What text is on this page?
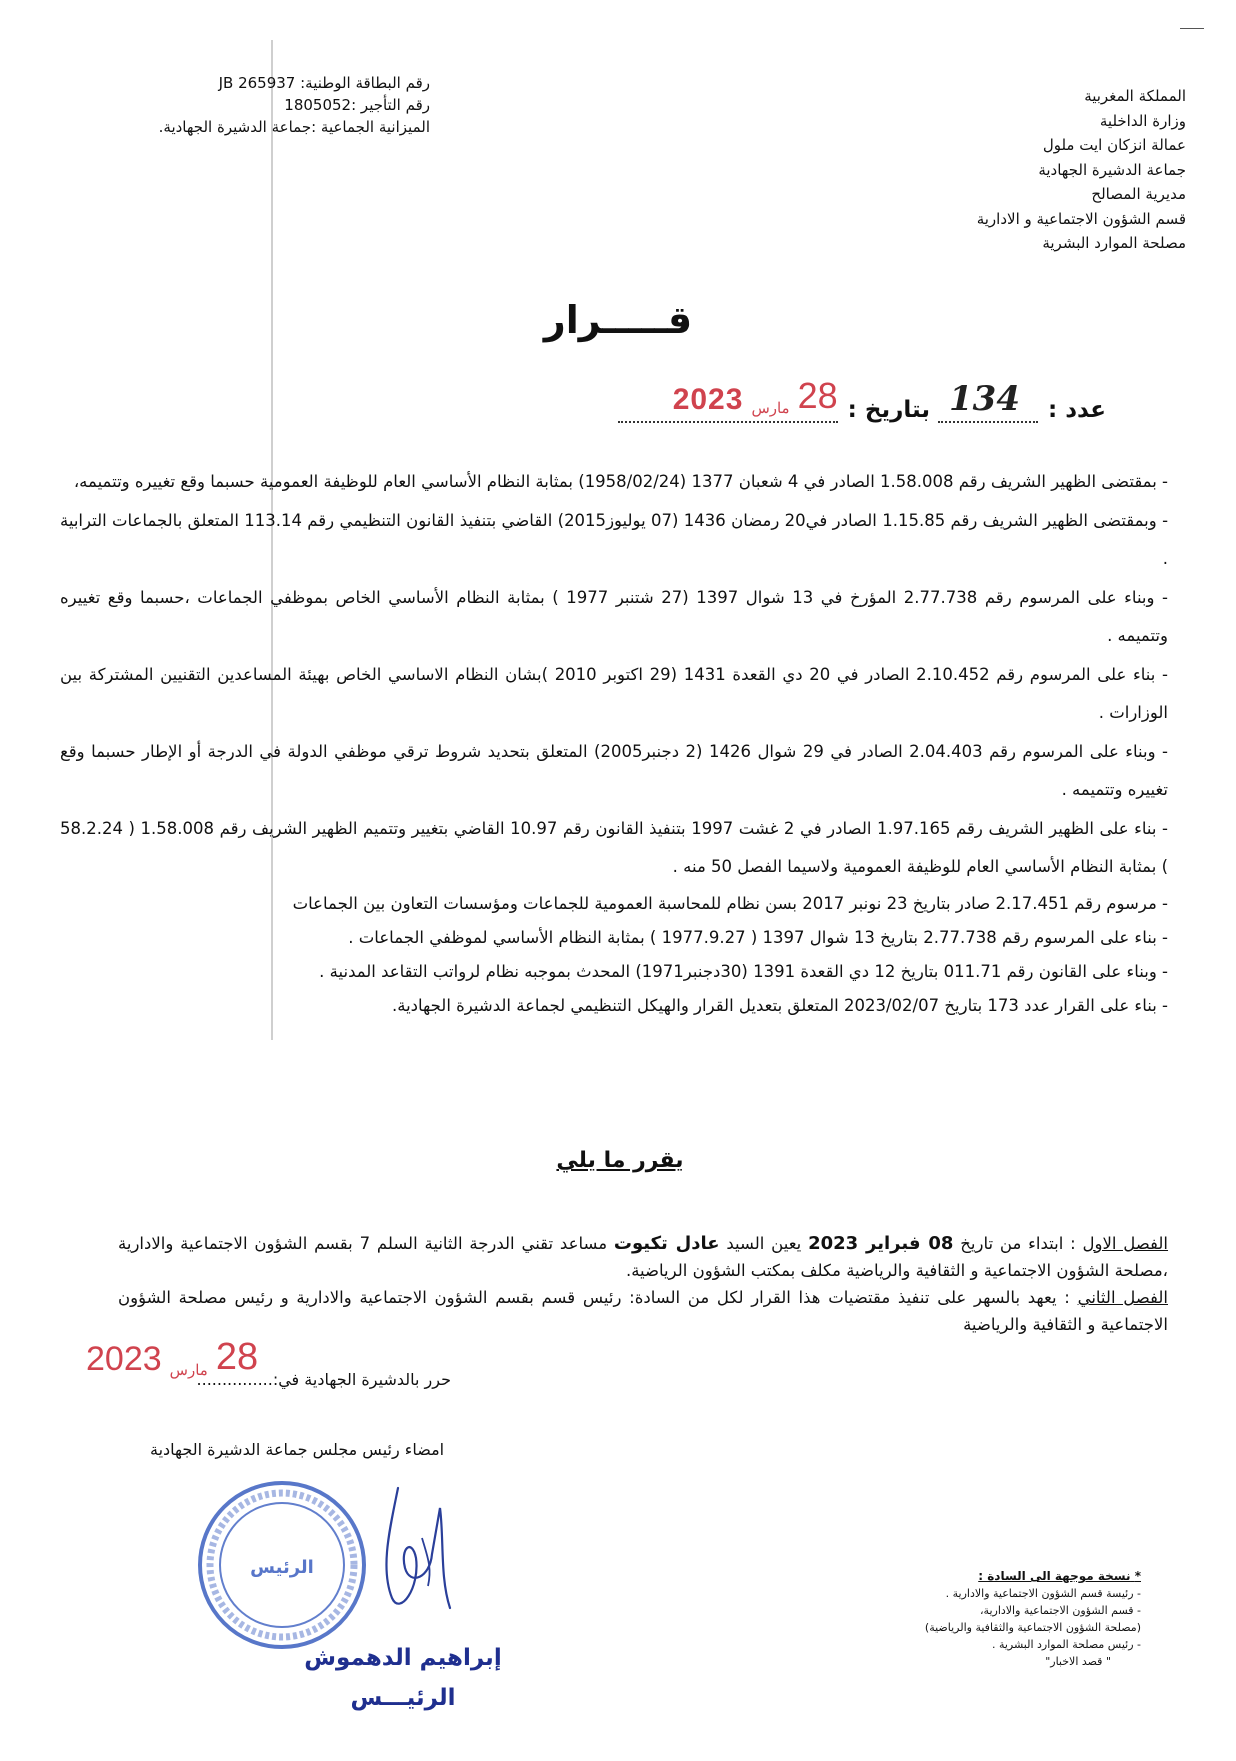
المملكة المغربية
وزارة الداخلية
عمالة انزكان ايت ملول
جماعة الدشيرة الجهادية
مديرية المصالح
قسم الشؤون الاجتماعية و الادارية
مصلحة الموارد البشرية
رقم البطاقة الوطنية: JB 265937
رقم التأجير :1805052
الميزانية الجماعية :جماعة الدشيرة الجهادية.
قـــــرار
عدد :
134
بتاريخ :
2023 مارس 28

- بمقتضى الظهير الشريف رقم 1.58.008 الصادر في 4 شعبان 1377 (1958/02/24) بمثابة النظام الأساسي العام للوظيفة العمومية حسبما وقع تغييره وتتميمه،

- وبمقتضى الظهير الشريف رقم 1.15.85 الصادر في20 رمضان 1436 (07 يوليوز2015) القاضي بتنفيذ القانون التنظيمي رقم 113.14 المتعلق بالجماعات الترابية .

- وبناء على المرسوم رقم 2.77.738 المؤرخ في 13 شوال 1397 (27 شتنبر 1977 ) بمثابة النظام الأساسي الخاص بموظفي الجماعات ،حسبما وقع تغييره وتتميمه .

- بناء على المرسوم رقم 2.10.452 الصادر في 20 دي القعدة 1431 (29 اكتوبر 2010 )بشان النظام الاساسي الخاص بهيئة المساعدين التقنيين المشتركة بين الوزارات .

- وبناء على المرسوم رقم 2.04.403 الصادر في 29 شوال 1426 (2 دجنبر2005) المتعلق بتحديد شروط ترقي موظفي الدولة في الدرجة أو الإطار حسبما وقع تغييره وتتميمه .

- بناء على الظهير الشريف رقم 1.97.165 الصادر في 2 غشت 1997 بتنفيذ القانون رقم 10.97 القاضي بتغيير وتتميم الظهير الشريف رقم 1.58.008 ( 58.2.24 ) بمثابة النظام الأساسي العام للوظيفة العمومية ولاسيما الفصل 50 منه .

- مرسوم رقم 2.17.451 صادر بتاريخ 23 نونبر 2017 بسن نظام للمحاسبة العمومية للجماعات ومؤسسات التعاون بين الجماعات

- بناء على المرسوم رقم 2.77.738 بتاريخ 13 شوال 1397 ( 1977.9.27 ) بمثابة النظام الأساسي لموظفي الجماعات .

- وبناء على القانون رقم 011.71 بتاريخ 12 دي القعدة 1391 (30دجنبر1971) المحدث بموجبه نظام لرواتب التقاعد المدنية .

- بناء على القرار عدد 173 بتاريخ 2023/02/07 المتعلق بتعديل القرار والهيكل التنظيمي لجماعة الدشيرة الجهادية.

يقرر ما يلي

الفصل الاول : ابتداء من تاريخ 08 فبراير 2023 يعين السيد عادل تكيوت مساعد تقني الدرجة الثانية السلم 7 بقسم الشؤون الاجتماعية والادارية ،مصلحة الشؤون الاجتماعية و الثقافية والرياضية مكلف بمكتب الشؤون الرياضية.

الفصل الثاني : يعهد بالسهر على تنفيذ مقتضيات هذا القرار لكل من السادة: رئيس قسم بقسم الشؤون الاجتماعية والادارية و رئيس مصلحة الشؤون الاجتماعية و الثقافية والرياضية

2023 مارس 28
حرر بالدشيرة الجهادية في:...............
امضاء رئيس مجلس جماعة الدشيرة الجهادية
الرئيس
إبراهيم الدهموش
الرئيـــس
* نسخة موجهة الى السادة :
- رئيسة قسم الشؤون الاجتماعية والادارية .
- قسم الشؤون الاجتماعية والادارية،
(مصلحة الشؤون الاجتماعية والثقافية والرياضية)
- رئيس مصلحة الموارد البشرية .
" قصد الاخبار"
